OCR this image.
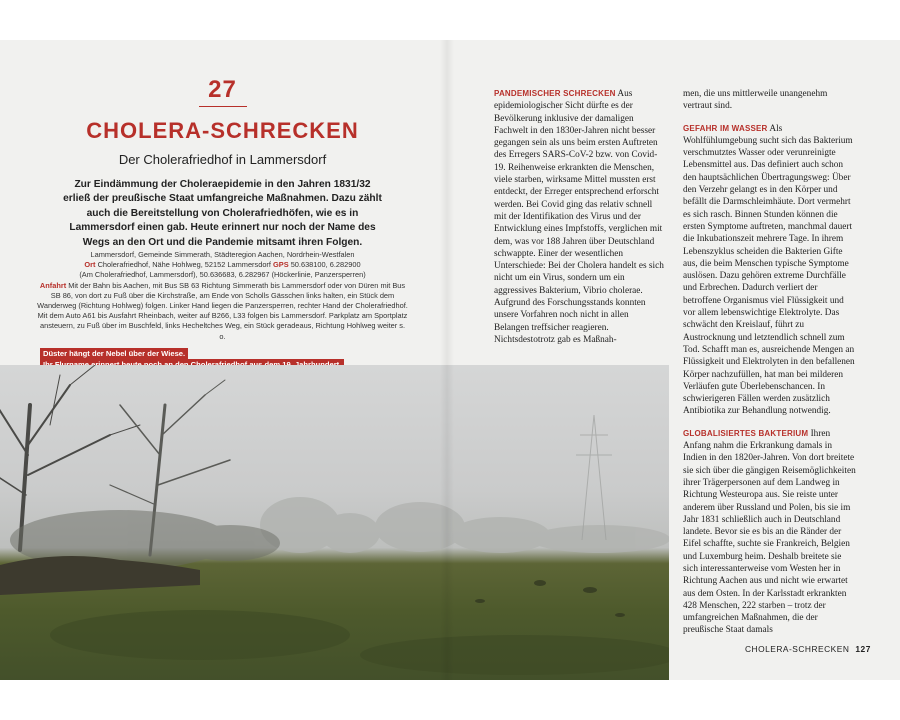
27
CHOLERA-SCHRECKEN
Der Cholerafriedhof in Lammersdorf
Zur Eindämmung der Choleraepidemie in den Jahren 1831/32 erließ der preußische Staat umfangreiche Maßnahmen. Dazu zählt auch die Bereitstellung von Cholerafriedhöfen, wie es in Lammersdorf einen gab. Heute erinnert nur noch der Name des Wegs an den Ort und die Pandemie mitsamt ihren Folgen.
Lammersdorf, Gemeinde Simmerath, Städteregion Aachen, Nordrhein-Westfalen
Ort Cholerafriedhof, Nähe Hohlweg, 52152 Lammersdorf GPS 50.638100, 6.282900
(Am Cholerafriedhof, Lammersdorf), 50.636683, 6.282967 (Höckerlinie, Panzersperren)
Anfahrt Mit der Bahn bis Aachen, mit Bus SB 63 Richtung Simmerath bis Lammersdorf oder von Düren mit Bus SB 86, von dort zu Fuß über die Kirchstraße, am Ende von Scholls Gässchen links halten, ein Stück dem Wanderweg (Richtung Hohlweg) folgen. Linker Hand liegen die Panzersperren, rechter Hand der Cholerafriedhof. Mit dem Auto A61 bis Ausfahrt Rheinbach, weiter auf B266, L33 folgen bis Lammersdorf. Parkplatz am Sportplatz ansteuern, zu Fuß über im Buschfeld, links Hecheltches Weg, ein Stück geradeaus, Richtung Hohlweg weiter s. o.
Düster hängt der Nebel über der Wiese.

PANDEMISCHER SCHRECKEN Aus epidemiologischer Sicht dürfte es der Bevölkerung inklusive der damaligen Fachwelt in den 1830er-Jahren nicht besser gegangen sein als uns beim ersten Auftreten des Erregers SARS-CoV-2 bzw. von Covid-19. Reihenweise erkrankten die Menschen, viele starben, wirksame Mittel mussten erst entdeckt, der Erreger entsprechend erforscht werden. Bei Covid ging das relativ schnell mit der Identifikation des Virus und der Entwicklung eines Impfstoffs, verglichen mit dem, was vor 188 Jahren über Deutschland schwappte. Einer der wesentlichen Unterschiede: Bei der Cholera handelt es sich nicht um ein Virus, sondern um ein aggressives Bakterium, Vibrio cholerae. Aufgrund des Forschungsstands konnten unsere Vorfahren noch nicht in allen Belangen treffsicher reagieren. Nichtsdestotrotz gab es Maßnah-

men, die uns mittlerweile unangenehm vertraut sind.

GEFAHR IM WASSER Als Wohlfühlumgebung sucht sich das Bakterium verschmutztes Wasser oder verunreinigte Lebensmittel aus. Das definiert auch schon den hauptsächlichen Übertragungsweg: Über den Verzehr gelangt es in den Körper und befällt die Darmschleimhäute. Dort vermehrt es sich rasch. Binnen Stunden können die ersten Symptome auftreten, manchmal dauert die Inkubationszeit mehrere Tage. In ihrem Lebenszyklus scheiden die Bakterien Gifte aus, die beim Menschen typische Symptome auslösen. Dazu gehören extreme Durchfälle und Erbrechen. Dadurch verliert der betroffene Organismus viel Flüssigkeit und vor allem lebenswichtige Elektrolyte. Das schwächt den Kreislauf, führt zu Austrocknung und letztendlich schnell zum Tod. Schafft man es, ausreichende Mengen an Flüssigkeit und Elektrolyten in den befallenen Körper nachzufüllen, hat man bei milderen Verläufen gute Überlebenschancen. In schwierigeren Fällen werden zusätzlich Antibiotika zur Behandlung notwendig.

GLOBALISIERTES BAKTERIUM Ihren Anfang nahm die Erkrankung damals in Indien in den 1820er-Jahren. Von dort breitete sie sich über die gängigen Reisemöglichkeiten ihrer Trägerpersonen auf dem Landweg in Richtung Westeuropa aus. Sie reiste unter anderem über Russland und Polen, bis sie im Jahr 1831 schließlich auch in Deutschland landete. Bevor sie es bis an die Ränder der Eifel schaffte, suchte sie Frankreich, Belgien und Luxemburg heim. Deshalb breitete sie sich interessanterweise vom Westen her in Richtung Aachen aus und nicht wie erwartet aus dem Osten. In der Karlsstadt erkrankten 428 Menschen, 222 starben – trotz der umfangreichen Maßnahmen, die der preußische Staat damals

CHOLERA-SCHRECKEN 127
